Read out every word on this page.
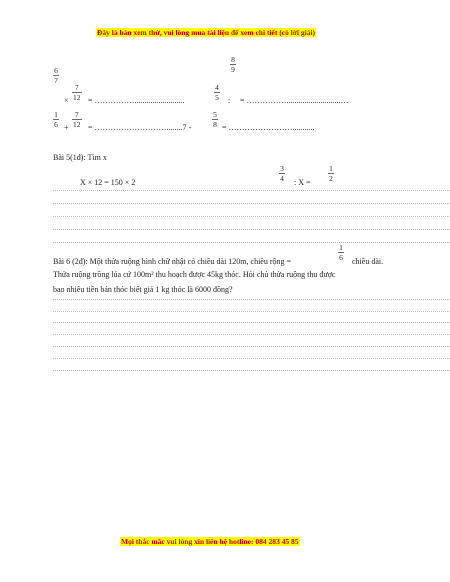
Đây là bản xem thử, vui lòng mua tài liệu để xem chi tiết (có lời giải)
6
7
×
7
12 = …………….........................
8
9
4
5 : = ……………...........................…
1
6 +
7
12 = ………………………........7 -
5
8 = ……………………...........
Bài 5(1đ): Tìm x
X × 12 = 150 × 2
3
4 : X =
1
2
Bài 6 (2đ): Một thửa ruộng hình chữ nhật có chiều dài 120m, chiều rộng =
1
6 chiều dài.
Thửa ruộng trồng lúa cứ 100m² thu hoạch được 45kg thóc. Hỏi chủ thửa ruộng thu được
bao nhiêu tiền bán thóc biết giá 1 kg thóc là 6000 đồng?
Mọi thắc mắc vui lòng xin liên hệ hotline: 084 283 45 85
